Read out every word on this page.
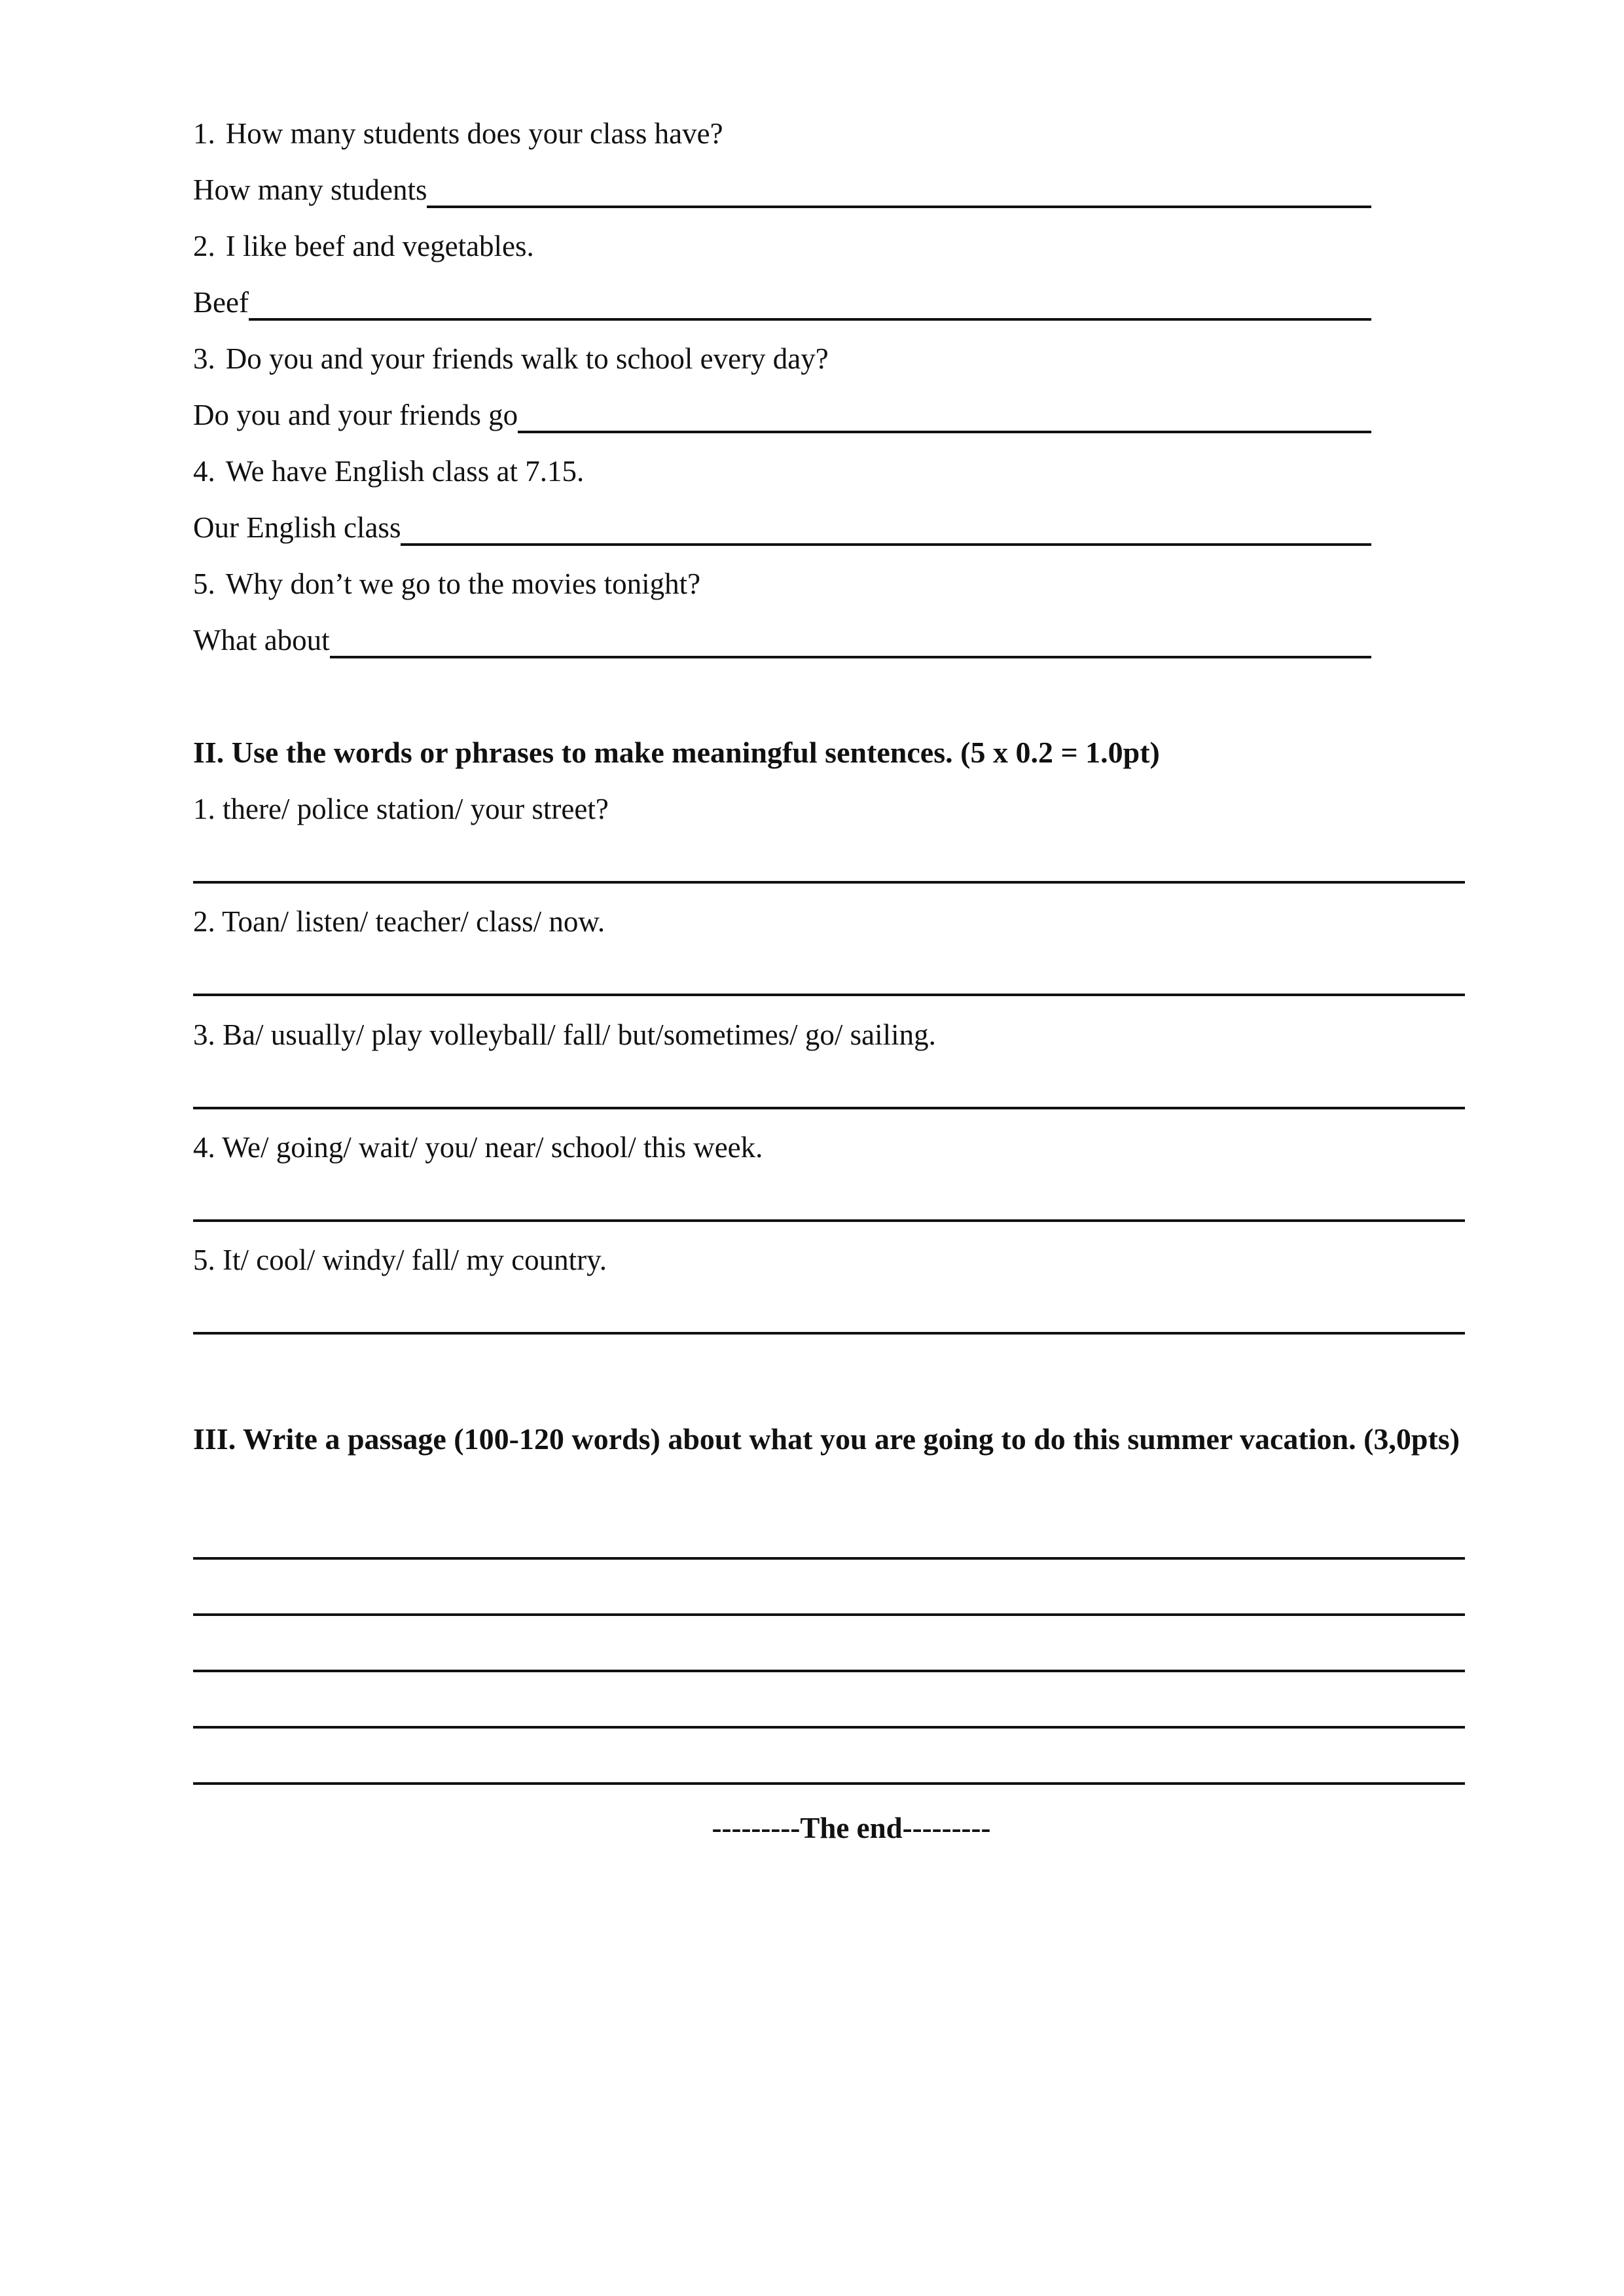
1. How many students does your class have?
How many students
2. I like beef and vegetables.
Beef
3. Do you and your friends walk to school every day?
Do you and your friends go
4. We have English class at 7.15.
Our English class
5. Why don’t we go to the movies tonight?
What about
II. Use the words or phrases to make meaningful sentences. (5 x 0.2 = 1.0pt)
1. there/ police station/ your street?
2. Toan/ listen/ teacher/ class/ now.
3. Ba/ usually/ play volleyball/ fall/ but/sometimes/ go/ sailing.
4. We/ going/ wait/ you/ near/ school/ this week.
5. It/ cool/ windy/ fall/ my country.
III. Write a passage (100-120 words) about what you are going to do this summer vacation. (3,0pts)
---------The end---------
